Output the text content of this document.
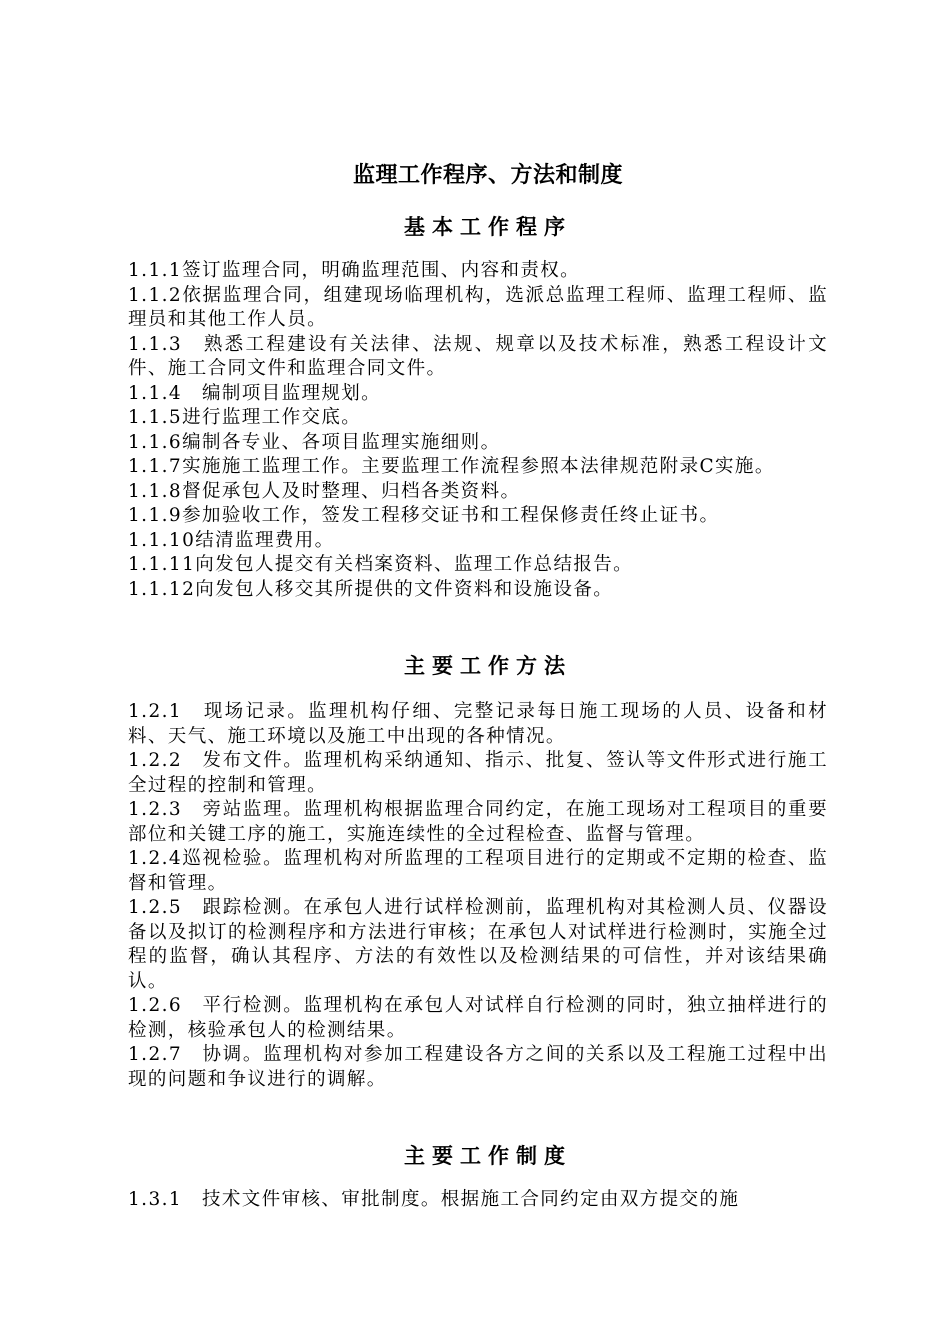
监理工作程序、方法和制度
基本工作程序
1.1.1签订监理合同，明确监理范围、内容和责权。
1.1.2依据监理合同，组建现场临理机构，选派总监理工程师、监理工程师、监理员和其他工作人员。
1.1.3　熟悉工程建设有关法律、法规、规章以及技术标准，熟悉工程设计文件、施工合同文件和监理合同文件。
1.1.4　编制项目监理规划。
1.1.5进行监理工作交底。
1.1.6编制各专业、各项目监理实施细则。
1.1.7实施施工监理工作。主要监理工作流程参照本法律规范附录C实施。
1.1.8督促承包人及时整理、归档各类资料。
1.1.9参加验收工作，签发工程移交证书和工程保修责任终止证书。
1.1.10结清监理费用。
1.1.11向发包人提交有关档案资料、监理工作总结报告。
1.1.12向发包人移交其所提供的文件资料和设施设备。
主要工作方法
1.2.1　现场记录。监理机构仔细、完整记录每日施工现场的人员、设备和材料、天气、施工环境以及施工中出现的各种情况。
1.2.2　发布文件。监理机构采纳通知、指示、批复、签认等文件形式进行施工全过程的控制和管理。
1.2.3　旁站监理。监理机构根据监理合同约定，在施工现场对工程项目的重要部位和关键工序的施工，实施连续性的全过程检查、监督与管理。
1.2.4巡视检验。监理机构对所监理的工程项目进行的定期或不定期的检查、监督和管理。
1.2.5　跟踪检测。在承包人进行试样检测前，监理机构对其检测人员、仪器设备以及拟订的检测程序和方法进行审核；在承包人对试样进行检测时，实施全过程的监督，确认其程序、方法的有效性以及检测结果的可信性，并对该结果确认。
1.2.6　平行检测。监理机构在承包人对试样自行检测的同时，独立抽样进行的检测，核验承包人的检测结果。
1.2.7　协调。监理机构对参加工程建设各方之间的关系以及工程施工过程中出现的问题和争议进行的调解。
主要工作制度
1.3.1　技术文件审核、审批制度。根据施工合同约定由双方提交的施
